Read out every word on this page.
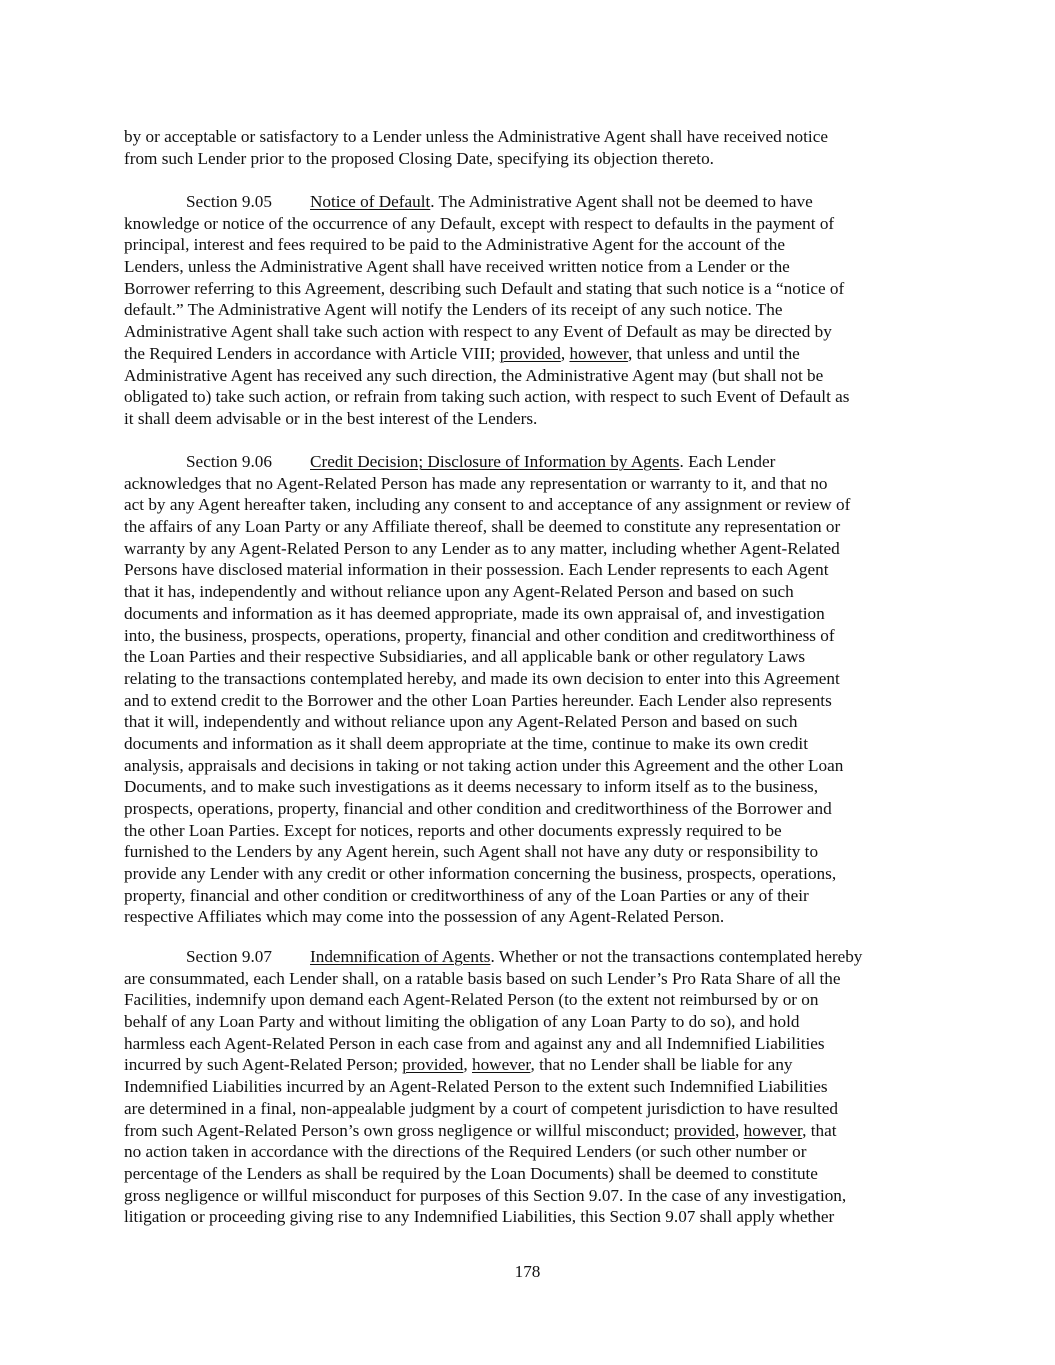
by or acceptable or satisfactory to a Lender unless the Administrative Agent shall have received notice
from such Lender prior to the proposed Closing Date, specifying its objection thereto.
Section 9.05 Notice of Default. The Administrative Agent shall not be deemed to have
knowledge or notice of the occurrence of any Default, except with respect to defaults in the payment of
principal, interest and fees required to be paid to the Administrative Agent for the account of the
Lenders, unless the Administrative Agent shall have received written notice from a Lender or the
Borrower referring to this Agreement, describing such Default and stating that such notice is a “notice of
default.” The Administrative Agent will notify the Lenders of its receipt of any such notice. The
Administrative Agent shall take such action with respect to any Event of Default as may be directed by
the Required Lenders in accordance with Article VIII; provided, however, that unless and until the
Administrative Agent has received any such direction, the Administrative Agent may (but shall not be
obligated to) take such action, or refrain from taking such action, with respect to such Event of Default as
it shall deem advisable or in the best interest of the Lenders.
Section 9.06 Credit Decision; Disclosure of Information by Agents. Each Lender
acknowledges that no Agent-Related Person has made any representation or warranty to it, and that no
act by any Agent hereafter taken, including any consent to and acceptance of any assignment or review of
the affairs of any Loan Party or any Affiliate thereof, shall be deemed to constitute any representation or
warranty by any Agent-Related Person to any Lender as to any matter, including whether Agent-Related
Persons have disclosed material information in their possession. Each Lender represents to each Agent
that it has, independently and without reliance upon any Agent-Related Person and based on such
documents and information as it has deemed appropriate, made its own appraisal of, and investigation
into, the business, prospects, operations, property, financial and other condition and creditworthiness of
the Loan Parties and their respective Subsidiaries, and all applicable bank or other regulatory Laws
relating to the transactions contemplated hereby, and made its own decision to enter into this Agreement
and to extend credit to the Borrower and the other Loan Parties hereunder. Each Lender also represents
that it will, independently and without reliance upon any Agent-Related Person and based on such
documents and information as it shall deem appropriate at the time, continue to make its own credit
analysis, appraisals and decisions in taking or not taking action under this Agreement and the other Loan
Documents, and to make such investigations as it deems necessary to inform itself as to the business,
prospects, operations, property, financial and other condition and creditworthiness of the Borrower and
the other Loan Parties. Except for notices, reports and other documents expressly required to be
furnished to the Lenders by any Agent herein, such Agent shall not have any duty or responsibility to
provide any Lender with any credit or other information concerning the business, prospects, operations,
property, financial and other condition or creditworthiness of any of the Loan Parties or any of their
respective Affiliates which may come into the possession of any Agent-Related Person.
Section 9.07 Indemnification of Agents. Whether or not the transactions contemplated hereby
are consummated, each Lender shall, on a ratable basis based on such Lender’s Pro Rata Share of all the
Facilities, indemnify upon demand each Agent-Related Person (to the extent not reimbursed by or on
behalf of any Loan Party and without limiting the obligation of any Loan Party to do so), and hold
harmless each Agent-Related Person in each case from and against any and all Indemnified Liabilities
incurred by such Agent-Related Person; provided, however, that no Lender shall be liable for any
Indemnified Liabilities incurred by an Agent-Related Person to the extent such Indemnified Liabilities
are determined in a final, non-appealable judgment by a court of competent jurisdiction to have resulted
from such Agent-Related Person’s own gross negligence or willful misconduct; provided, however, that
no action taken in accordance with the directions of the Required Lenders (or such other number or
percentage of the Lenders as shall be required by the Loan Documents) shall be deemed to constitute
gross negligence or willful misconduct for purposes of this Section 9.07. In the case of any investigation,
litigation or proceeding giving rise to any Indemnified Liabilities, this Section 9.07 shall apply whether
178
